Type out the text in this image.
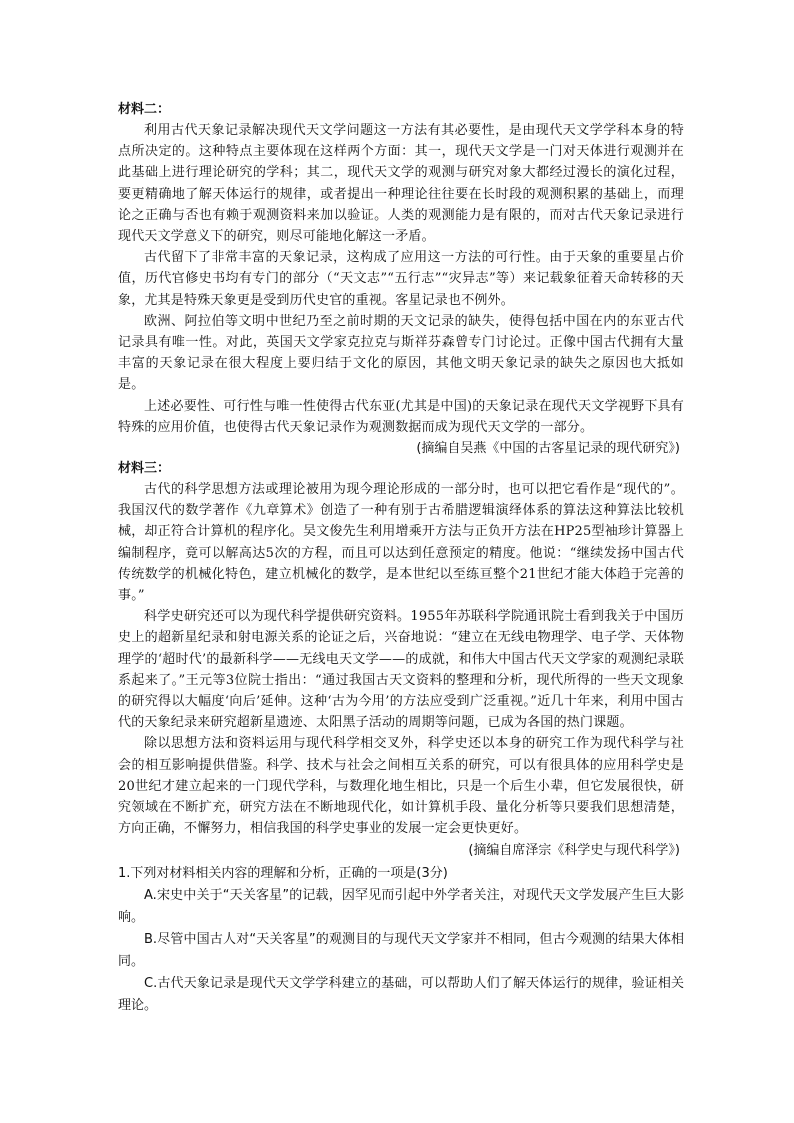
材料二：

利用古代天象记录解决现代天文学问题这一方法有其必要性，是由现代天文学学科本身的特点所决定的。这种特点主要体现在这样两个方面：其一，现代天文学是一门对天体进行观测并在此基础上进行理论研究的学科；其二，现代天文学的观测与研究对象大都经过漫长的演化过程，要更精确地了解天体运行的规律，或者提出一种理论往往要在长时段的观测积累的基础上，而理论之正确与否也有赖于观测资料来加以验证。人类的观测能力是有限的，而对古代天象记录进行现代天文学意义下的研究，则尽可能地化解这一矛盾。

古代留下了非常丰富的天象记录，这构成了应用这一方法的可行性。由于天象的重要星占价值，历代官修史书均有专门的部分（“天文志”“五行志”“灾异志”等）来记载象征着天命转移的天象，尤其是特殊天象更是受到历代史官的重视。客星记录也不例外。

欧洲、阿拉伯等文明中世纪乃至之前时期的天文记录的缺失，使得包括中国在内的东亚古代记录具有唯一性。对此，英国天文学家克拉克与斯祥芬森曾专门讨论过。正像中国古代拥有大量丰富的天象记录在很大程度上要归结于文化的原因，其他文明天象记录的缺失之原因也大抵如是。

上述必要性、可行性与唯一性使得古代东亚(尤其是中国)的天象记录在现代天文学视野下具有特殊的应用价值，也使得古代天象记录作为观测数据而成为现代天文学的一部分。

(摘编自吴燕《中国的古客星记录的现代研究》)

材料三：

古代的科学思想方法或理论被用为现今理论形成的一部分时，也可以把它看作是“现代的”。我国汉代的数学著作《九章算术》创造了一种有别于古希腊逻辑演绎体系的算法这种算法比较机械，却正符合计算机的程序化。吴文俊先生利用增乘开方法与正负开方法在HP25型袖珍计算器上编制程序，竟可以解高达5次的方程，而且可以达到任意预定的精度。他说：“继续发扬中国古代传统数学的机械化特色，建立机械化的数学，是本世纪以至练亘整个21世纪才能大体趋于完善的事。”

科学史研究还可以为现代科学提供研究资料。1955年苏联科学院通讯院士看到我关于中国历史上的超新星纪录和射电源关系的论证之后，兴奋地说：“建立在无线电物理学、电子学、天体物理学的‘超时代’的最新科学——无线电天文学——的成就，和伟大中国古代天文学家的观测纪录联系起来了。”王元等3位院士指出：“通过我国古天文资料的整理和分析，现代所得的一些天文现象的研究得以大幅度‘向后’延伸。这种‘古为今用’的方法应受到广泛重视。”近几十年来，利用中国古代的天象纪录来研究超新星遗迹、太阳黑子活动的周期等问题，已成为各国的热门课题。

除以思想方法和资料运用与现代科学相交叉外，科学史还以本身的研究工作为现代科学与社会的相互影响提供借鉴。科学、技术与社会之间相互关系的研究，可以有很具体的应用科学史是20世纪才建立起来的一门现代学科，与数理化地生相比，只是一个后生小辈，但它发展很快，研究领域在不断扩充，研究方法在不断地现代化，如计算机手段、量化分析等只要我们思想清楚，方向正确，不懈努力，相信我国的科学史事业的发展一定会更快更好。

(摘编自席泽宗《科学史与现代科学》)

1.下列对材料相关内容的理解和分析，正确的一项是(3分)

A.宋史中关于“天关客星”的记载，因罕见而引起中外学者关注，对现代天文学发展产生巨大影响。

B.尽管中国古人对“天关客星”的观测目的与现代天文学家并不相同，但古今观测的结果大体相同。

C.古代天象记录是现代天文学学科建立的基础，可以帮助人们了解天体运行的规律，验证相关理论。
